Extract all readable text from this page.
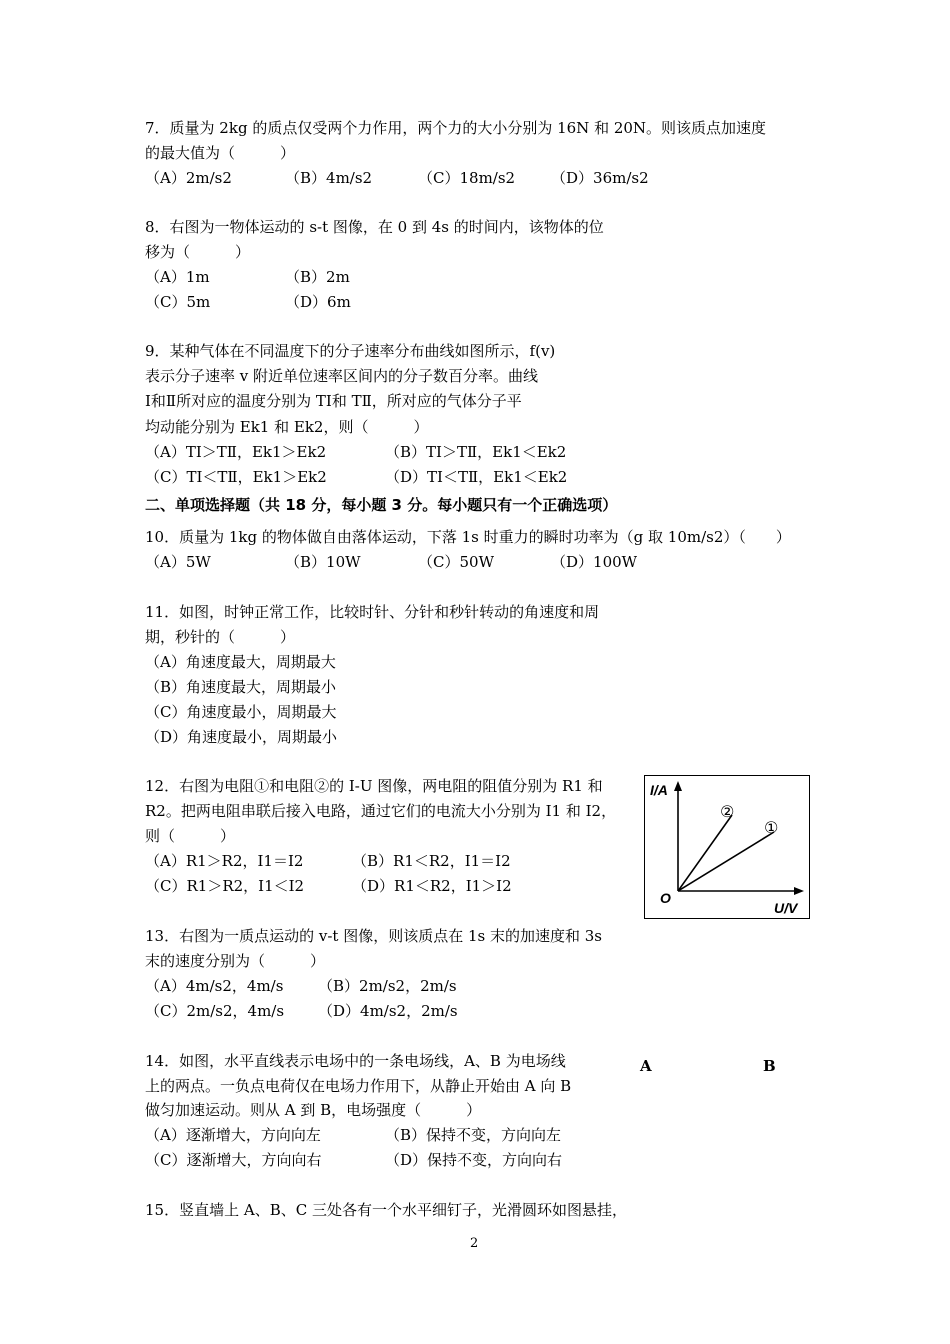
7．质量为 2kg 的质点仅受两个力作用，两个力的大小分别为 16N 和 20N。则该质点加速度
的最大值为（　　　）
（A）2m/s2	（B）4m/s2	（C）18m/s2 （D）36m/s2
8．右图为一物体运动的 s-t 图像，在 0 到 4s 的时间内，该物体的位
移为（　　　）
（A）1m	（B）2m
（C）5m	（D）6m
9．某种气体在不同温度下的分子速率分布曲线如图所示，f(v)
表示分子速率 v 附近单位速率区间内的分子数百分率。曲线
Ⅰ和Ⅱ所对应的温度分别为 TⅠ和 TⅡ，所对应的气体分子平
均动能分别为 Ek1 和 Ek2，则（　　　）
（A）TⅠ＞TⅡ，Ek1＞Ek2	（B）TⅠ＞TⅡ，Ek1＜Ek2
（C）TⅠ＜TⅡ，Ek1＞Ek2	（D）TⅠ＜TⅡ，Ek1＜Ek2
二、单项选择题（共 18 分，每小题 3 分。每小题只有一个正确选项）
10．质量为 1kg 的物体做自由落体运动，下落 1s 时重力的瞬时功率为（g 取 10m/s2）（　　）
（A）5W	（B）10W	（C）50W	（D）100W
11．如图，时钟正常工作，比较时针、分针和秒针转动的角速度和周
期，秒针的（　　　）
（A）角速度最大，周期最大
（B）角速度最大，周期最小
（C）角速度最小，周期最大
（D）角速度最小，周期最小
12．右图为电阻①和电阻②的 I-U 图像，两电阻的阻值分别为 R1 和
R2。把两电阻串联后接入电路，通过它们的电流大小分别为 I1 和 I2，
则（　　　）
（A）R1＞R2，I1＝I2	（B）R1＜R2，I1＝I2
（C）R1＞R2，I1＜I2	（D）R1＜R2，I1＞I2
I/A
U/V
O
②
①
13．右图为一质点运动的 v-t 图像，则该质点在 1s 末的加速度和 3s
末的速度分别为（　　　）
（A）4m/s2，4m/s （B）2m/s2，2m/s
（C）2m/s2，4m/s （D）4m/s2，2m/s
14．如图，水平直线表示电场中的一条电场线，A、B 为电场线
上的两点。一负点电荷仅在电场力作用下，从静止开始由 A 向 B
做匀加速运动。则从 A 到 B，电场强度（　　　）
（A）逐渐增大，方向向左	（B）保持不变，方向向左
（C）逐渐增大，方向向右	（D）保持不变，方向向右
A	B
15．竖直墙上 A、B、C 三处各有一个水平细钉子，光滑圆环如图悬挂，
2
